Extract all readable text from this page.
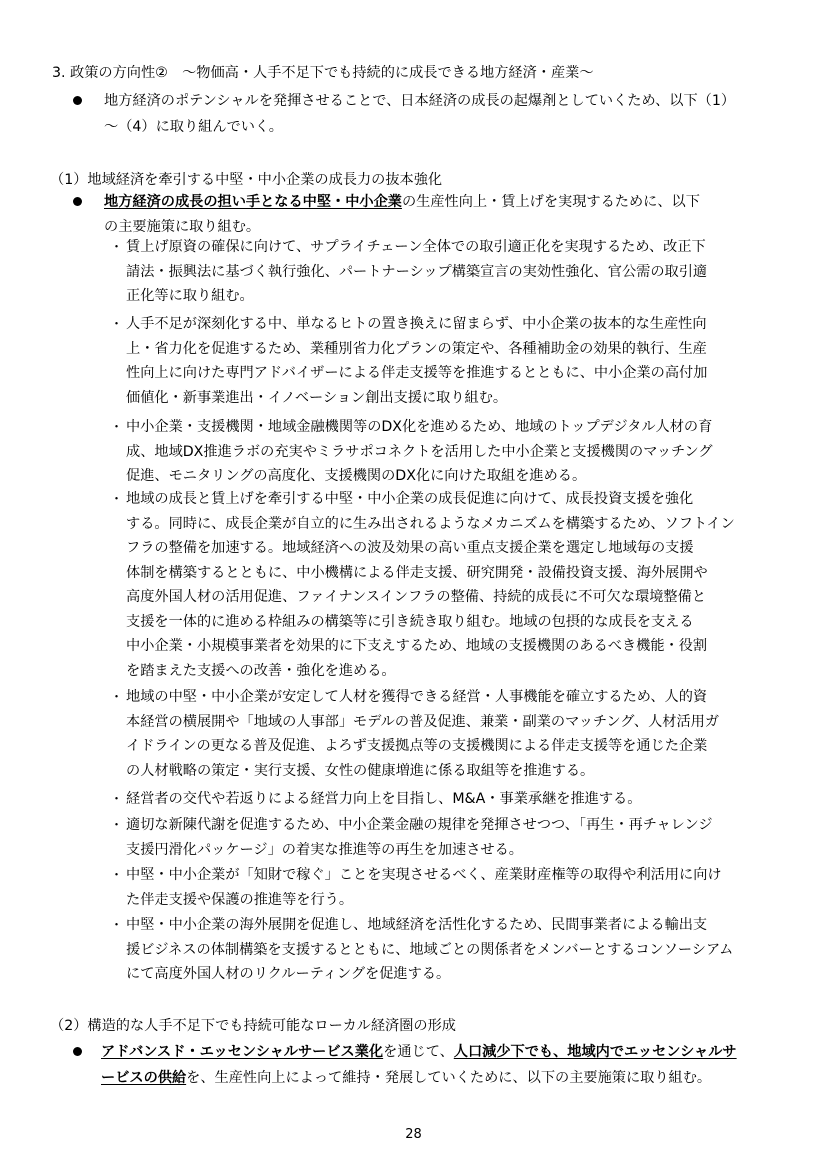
3. 政策の方向性②　～物価高・人手不足下でも持続的に成長できる地方経済・産業～
地方経済のポテンシャルを発揮させることで、日本経済の成長の起爆剤としていくため、以下（1）
～（4）に取り組んでいく。
（1）地域経済を牽引する中堅・中小企業の成長力の抜本強化
地方経済の成長の担い手となる中堅・中小企業の生産性向上・賃上げを実現するために、以下
の主要施策に取り組む。
・ 賃上げ原資の確保に向けて、サプライチェーン全体での取引適正化を実現するため、改正下
請法・振興法に基づく執行強化、パートナーシップ構築宣言の実効性強化、官公需の取引適
正化等に取り組む。
・ 人手不足が深刻化する中、単なるヒトの置き換えに留まらず、中小企業の抜本的な生産性向
上・省力化を促進するため、業種別省力化プランの策定や、各種補助金の効果的執行、生産
性向上に向けた専門アドバイザーによる伴走支援等を推進するとともに、中小企業の高付加
価値化・新事業進出・イノベーション創出支援に取り組む。
・ 中小企業・支援機関・地域金融機関等のDX化を進めるため、地域のトップデジタル人材の育
成、地域DX推進ラボの充実やミラサポコネクトを活用した中小企業と支援機関のマッチング
促進、モニタリングの高度化、支援機関のDX化に向けた取組を進める。
・ 地域の成長と賃上げを牽引する中堅・中小企業の成長促進に向けて、成長投資支援を強化
する。同時に、成長企業が自立的に生み出されるようなメカニズムを構築するため、ソフトイン
フラの整備を加速する。地域経済への波及効果の高い重点支援企業を選定し地域毎の支援
体制を構築するとともに、中小機構による伴走支援、研究開発・設備投資支援、海外展開や
高度外国人材の活用促進、ファイナンスインフラの整備、持続的成長に不可欠な環境整備と
支援を一体的に進める枠組みの構築等に引き続き取り組む。地域の包摂的な成長を支える
中小企業・小規模事業者を効果的に下支えするため、地域の支援機関のあるべき機能・役割
を踏まえた支援への改善・強化を進める。
・ 地域の中堅・中小企業が安定して人材を獲得できる経営・人事機能を確立するため、人的資
本経営の横展開や「地域の人事部」モデルの普及促進、兼業・副業のマッチング、人材活用ガ
イドラインの更なる普及促進、よろず支援拠点等の支援機関による伴走支援等を通じた企業
の人材戦略の策定・実行支援、女性の健康増進に係る取組等を推進する。
・ 経営者の交代や若返りによる経営力向上を目指し、M&A・事業承継を推進する。
・ 適切な新陳代謝を促進するため、中小企業金融の規律を発揮させつつ、「再生・再チャレンジ
支援円滑化パッケージ」の着実な推進等の再生を加速させる。
・ 中堅・中小企業が「知財で稼ぐ」ことを実現させるべく、産業財産権等の取得や利活用に向け
た伴走支援や保護の推進等を行う。
・ 中堅・中小企業の海外展開を促進し、地域経済を活性化するため、民間事業者による輸出支
援ビジネスの体制構築を支援するとともに、地域ごとの関係者をメンバーとするコンソーシアム
にて高度外国人材のリクルーティングを促進する。
（2）構造的な人手不足下でも持続可能なローカル経済圏の形成
アドバンスド・エッセンシャルサービス業化を通じて、人口減少下でも、地域内でエッセンシャルサ
ービスの供給を、生産性向上によって維持・発展していくために、以下の主要施策に取り組む。
28
